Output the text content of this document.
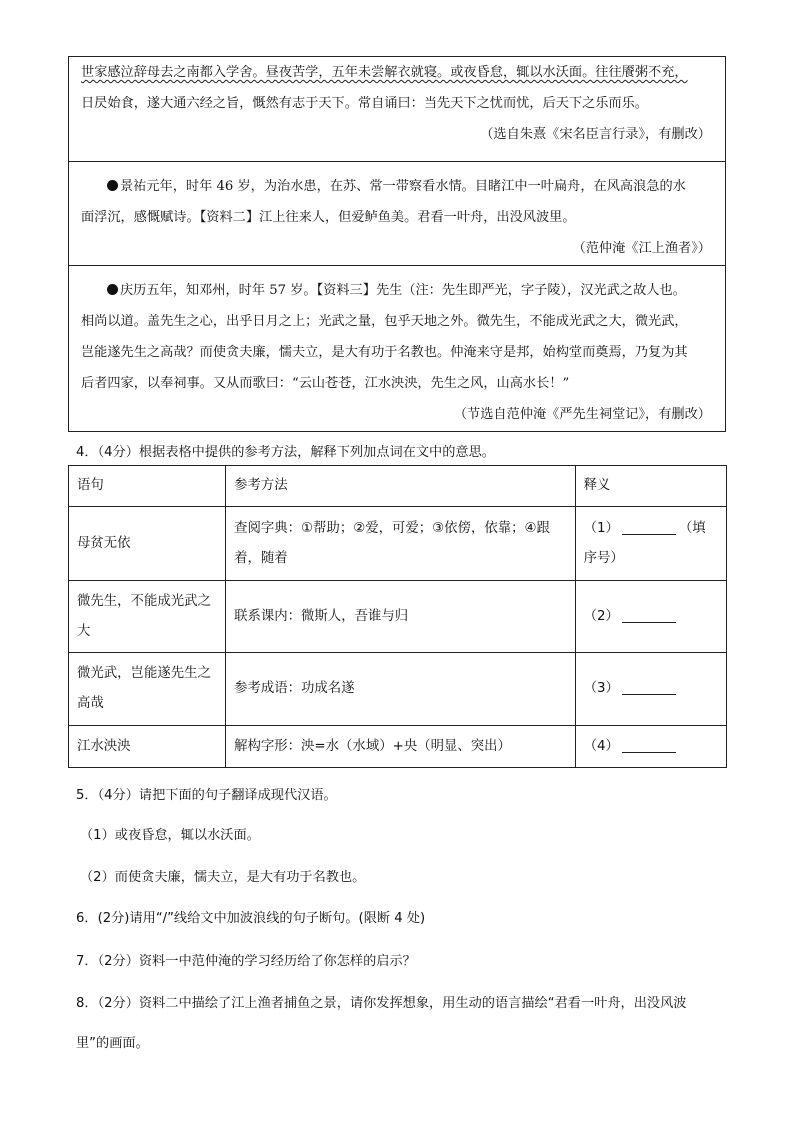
世家感泣辞母去之南都入学舍。昼夜苦学，五年未尝解衣就寝。或夜昏怠，辄以水沃面。往往餍粥不充，
日昃始食，遂大通六经之旨，慨然有志于天下。常自诵曰：当先天下之忧而忧，后天下之乐而乐。
（选自朱熹《宋名臣言行录》，有删改）
景祐元年，时年 46 岁，为治水患，在苏、常一带察看水情。目睹江中一叶扁舟，在风高浪急的水
面浮沉，感慨赋诗。【资料二】江上往来人，但爱鲈鱼美。君看一叶舟，出没风波里。
（范仲淹《江上渔者》）
庆历五年，知邓州，时年 57 岁。【资料三】先生（注：先生即严光，字子陵），汉光武之故人也。
相尚以道。盖先生之心，出乎日月之上；光武之量，包乎天地之外。微先生，不能成光武之大，微光武，
岂能遂先生之高哉？而使贪夫廉，懦夫立，是大有功于名教也。仲淹来守是邦，始构堂而奠焉，乃复为其
后者四家，以奉祠事。又从而歌曰：“云山苍苍，江水泱泱，先生之风，山高水长！”
（节选自范仲淹《严先生祠堂记》，有删改）
4．（4分）根据表格中提供的参考方法，解释下列加点词在文中的意思。
语句	参考方法	释义
母贫无依	查阅字典：①帮助；②爱，可爱；③依傍，依靠；④跟着，随着	（1） （填序号）
微先生，不能成光武之大	联系课内：微斯人，吾谁与归	（2）
微光武，岂能遂先生之高哉	参考成语：功成名遂	（3）
江水泱泱	解构字形：泱=水（水域）+央（明显、突出）	（4）
5．（4分）请把下面的句子翻译成现代汉语。
（1）或夜昏怠，辄以水沃面。
（2）而使贪夫廉，懦夫立，是大有功于名教也。
6．(2分)请用“/”线给文中加波浪线的句子断句。(限断 4 处)
7．（2分）资料一中范仲淹的学习经历给了你怎样的启示？
8．（2分）资料二中描绘了江上渔者捕鱼之景，请你发挥想象，用生动的语言描绘“君看一叶舟，出没风波
里”的画面。
